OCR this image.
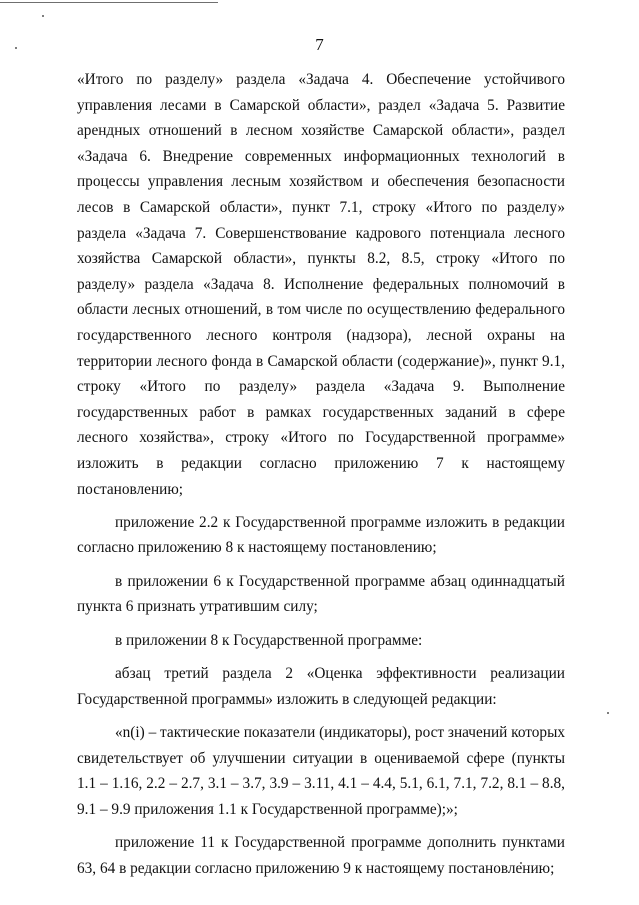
7

«Итого по разделу» раздела «Задача 4. Обеспечение устойчивого управления лесами в Самарской области», раздел «Задача 5. Развитие арендных отношений в лесном хозяйстве Самарской области», раздел «Задача 6. Внедрение современных информационных технологий в процессы управления лесным хозяйством и обеспечения безопасности лесов в Самарской области», пункт 7.1, строку «Итого по разделу» раздела «Задача 7. Совершенствование кадрового потенциала лесного хозяйства Самарской области», пункты 8.2, 8.5, строку «Итого по разделу» раздела «Задача 8. Исполнение федеральных полномочий в области лесных отношений, в том числе по осуществлению федерального государственного лесного контроля (надзора), лесной охраны на территории лесного фонда в Самарской области (содержание)», пункт 9.1, строку «Итого по разделу» раздела «Задача 9. Выполнение государственных работ в рамках государственных заданий в сфере лесного хозяйства», строку «Итого по Государственной программе» изложить в редакции согласно приложению 7 к настоящему постановлению;

приложение 2.2 к Государственной программе изложить в редакции согласно приложению 8 к настоящему постановлению;

в приложении 6 к Государственной программе абзац одиннадцатый пункта 6 признать утратившим силу;

в приложении 8 к Государственной программе:

абзац третий раздела 2 «Оценка эффективности реализации Государственной программы» изложить в следующей редакции:

«n(i) – тактические показатели (индикаторы), рост значений которых свидетельствует об улучшении ситуации в оцениваемой сфере (пункты 1.1 – 1.16, 2.2 – 2.7, 3.1 – 3.7, 3.9 – 3.11, 4.1 – 4.4, 5.1, 6.1, 7.1, 7.2, 8.1 – 8.8, 9.1 – 9.9 приложения 1.1 к Государственной программе);»;

приложение 11 к Государственной программе дополнить пунктами 63, 64 в редакции согласно приложению 9 к настоящему постановлению;
